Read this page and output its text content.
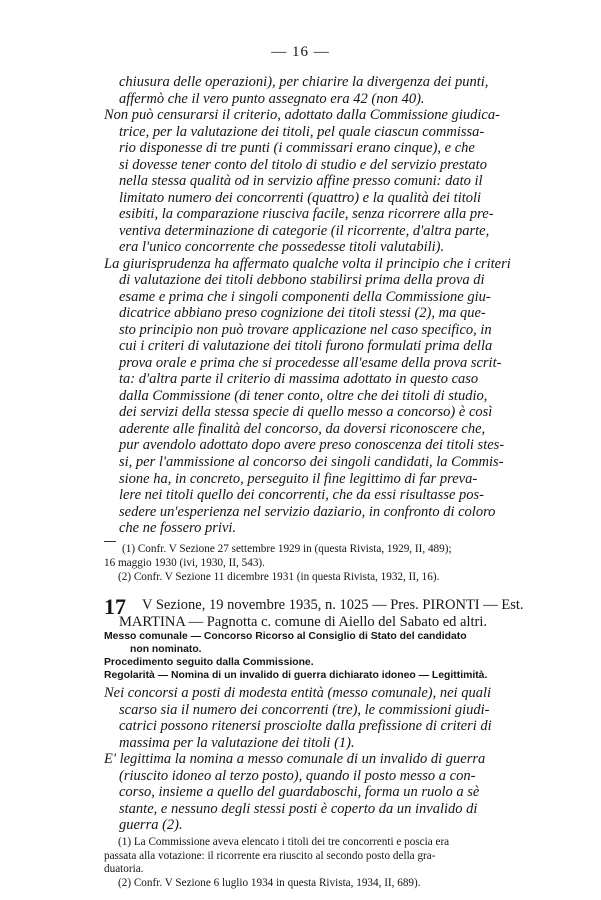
— 16 —
chiusura delle operazioni), per chiarire la divergenza dei punti,
affermò che il vero punto assegnato era 42 (non 40).
Non può censurarsi il criterio, adottato dalla Commissione giudica-
trice, per la valutazione dei titoli, pel quale ciascun commissa-
rio disponesse di tre punti (i commissari erano cinque), e che
si dovesse tener conto del titolo di studio e del servizio prestato
nella stessa qualità od in servizio affine presso comuni: dato il
limitato numero dei concorrenti (quattro) e la qualità dei titoli
esibiti, la comparazione riusciva facile, senza ricorrere alla pre-
ventiva determinazione di categorie (il ricorrente, d'altra parte,
era l'unico concorrente che possedesse titoli valutabili).
La giurisprudenza ha affermato qualche volta il principio che i criteri
di valutazione dei titoli debbono stabilirsi prima della prova di
esame e prima che i singoli componenti della Commissione giu-
dicatrice abbiano preso cognizione dei titoli stessi (2), ma que-
sto principio non può trovare applicazione nel caso specifico, in
cui i criteri di valutazione dei titoli furono formulati prima della
prova orale e prima che si procedesse all'esame della prova scrit-
ta: d'altra parte il criterio di massima adottato in questo caso
dalla Commissione (di tener conto, oltre che dei titoli di studio,
dei servizi della stessa specie di quello messo a concorso) è così
aderente alle finalità del concorso, da doversi riconoscere che,
pur avendolo adottato dopo avere preso conoscenza dei titoli stes-
si, per l'ammissione al concorso dei singoli candidati, la Commis-
sione ha, in concreto, perseguito il fine legittimo di far preva-
lere nei titoli quello dei concorrenti, che da essi risultasse pos-
sedere un'esperienza nel servizio daziario, in confronto di coloro
che ne fossero privi.
(1) Confr. V Sezione 27 settembre 1929 in (questa Rivista, 1929, II, 489);
16 maggio 1930 (ivi, 1930, II, 543).
(2) Confr. V Sezione 11 dicembre 1931 (in questa Rivista, 1932, II, 16).
17 V Sezione, 19 novembre 1935, n. 1025 — Pres. PIRONTI — Est.
MARTINA — Pagnotta c. comune di Aiello del Sabato ed altri.
Messo comunale — Concorso Ricorso al Consiglio di Stato del candidato
non nominato.
Procedimento seguito dalla Commissione.
Regolarità — Nomina di un invalido di guerra dichiarato idoneo — Legittimità.
Nei concorsi a posti di modesta entità (messo comunale), nei quali
scarso sia il numero dei concorrenti (tre), le commissioni giudi-
catrici possono ritenersi prosciolte dalla prefissione di criteri di
massima per la valutazione dei titoli (1).
E' legittima la nomina a messo comunale di un invalido di guerra
(riuscito idoneo al terzo posto), quando il posto messo a con-
corso, insieme a quello del guardaboschi, forma un ruolo a sè
stante, e nessuno degli stessi posti è coperto da un invalido di
guerra (2).
(1) La Commissione aveva elencato i titoli dei tre concorrenti e poscia era
passata alla votazione: il ricorrente era riuscito al secondo posto della gra-
duatoria.
(2) Confr. V Sezione 6 luglio 1934 in questa Rivista, 1934, II, 689).
